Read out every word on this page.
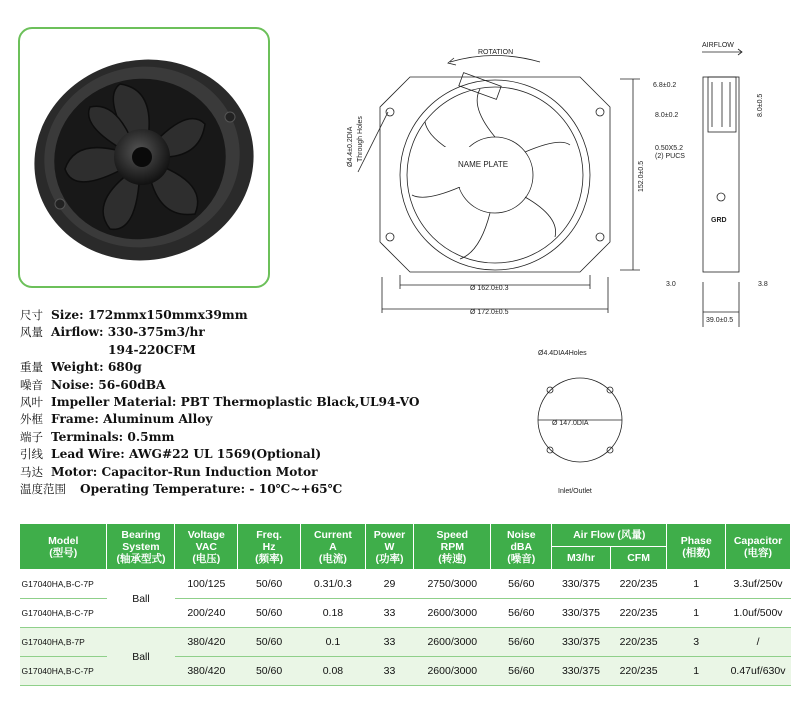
尺寸 Size: 172mmx150mmx39mm
风量 Airflow: 330-375m3/hr
194-220CFM
重量 Weight: 680g
噪音 Noise: 56-60dBA
风叶 Impeller Material: PBT Thermoplastic Black,UL94-VO
外框 Frame: Aluminum Alloy
端子 Terminals: 0.5mm
引线 Lead Wire: AWG#22 UL 1569(Optional)
马达 Motor: Capacitor-Run Induction Motor
温度范围	Operating Temperature: - 10℃~+65℃
ROTATION
NAME PLATE
Ø4.4±0.2DIA Through Holes
152.0±0.5
Ø 162.0±0.3
Ø 172.0±0.5
AIRFLOW
GRD
6.8±0.2
8.0±0.2	8.0±0.5
0.50X5.2
(2) PUCS
3.0	3.8
39.0±0.5
Ø4.4DIA4Holes
Ø 147.0DIA
Inlet/Outlet
Model
(型号)	Bearing
System
(轴承型式)	Voltage
VAC
(电压)	Freq.
Hz
(频率)	Current
A
(电流)	Power
W
(功率)	Speed
RPM
(转速)	Noise
dBA
(噪音)	Air Flow (风量)		Phase
(相数)	Capacitor
(电容)

								M3/hr	CFM		
G17040HA,B-C-7P	Ball	100/125	50/60	0.31/0.3	29	2750/3000	56/60	330/375	220/235	1	3.3uf/250v
G17040HA,B-C-7P		200/240	50/60	0.18	33	2600/3000	56/60	330/375	220/235	1	1.0uf/500v
G17040HA,B-7P	Ball	380/420	50/60	0.1	33	2600/3000	56/60	330/375	220/235	3	/
G17040HA,B-C-7P		380/420	50/60	0.08	33	2600/3000	56/60	330/375	220/235	1	0.47uf/630v
